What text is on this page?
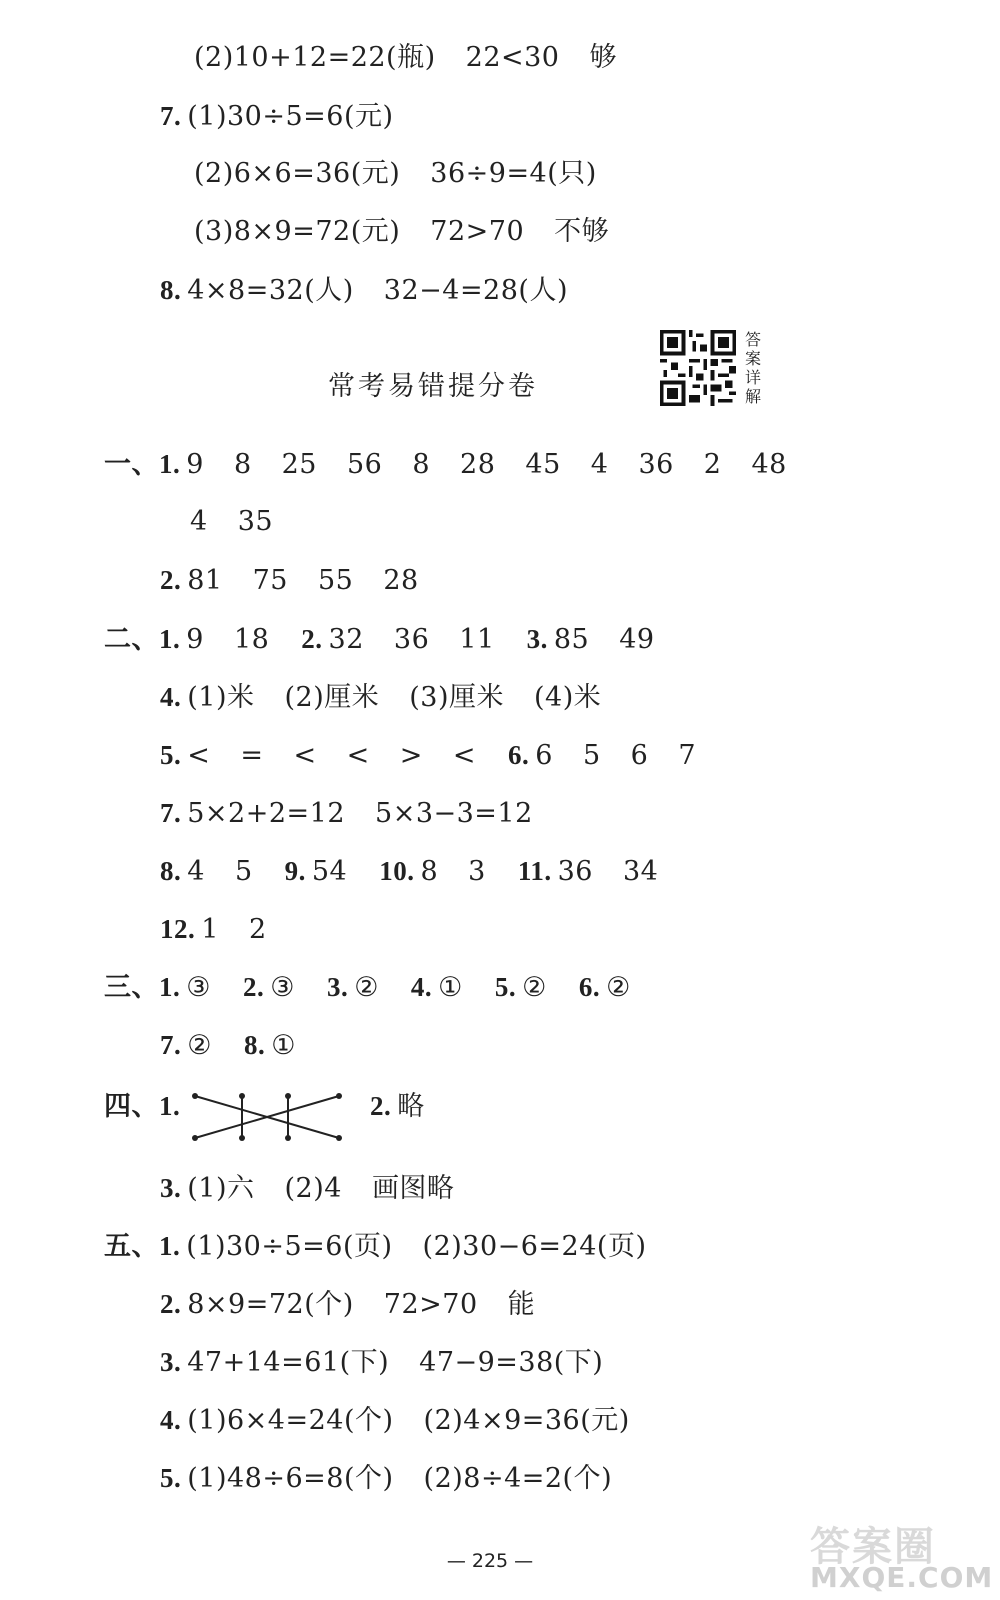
(2)10+12=22(瓶) 22<30 够
7. (1)30÷5=6(元)
(2)6×6=36(元) 36÷9=4(只)
(3)8×9=72(元) 72>70 不够
8. 4×8=32(人) 32−4=28(人)
常考易错提分卷
答案详解
一、1. 9 8 25 56 8 28 45 4 36 2 48
4 35
2. 81 75 55 28
二、1. 9 18 2. 32 36 11 3. 85 49
4. (1)米 (2)厘米 (3)厘米 (4)米
5. < = < < > < 6. 6 5 6 7
7. 5×2+2=12 5×3−3=12
8. 4 5 9. 54 10. 8 3 11. 36 34
12. 1 2
三、1. ③ 2. ③ 3. ② 4. ① 5. ② 6. ②
7. ② 8. ①
四、1.	2. 略
3. (1)六 (2)4 画图略
五、1. (1)30÷5=6(页) (2)30−6=24(页)
2. 8×9=72(个) 72>70 能
3. 47+14=61(下) 47−9=38(下)
4. (1)6×4=24(个) (2)4×9=36(元)
5. (1)48÷6=8(个) (2)8÷4=2(个)
— 225 —	答案圈
MXQE.COM
